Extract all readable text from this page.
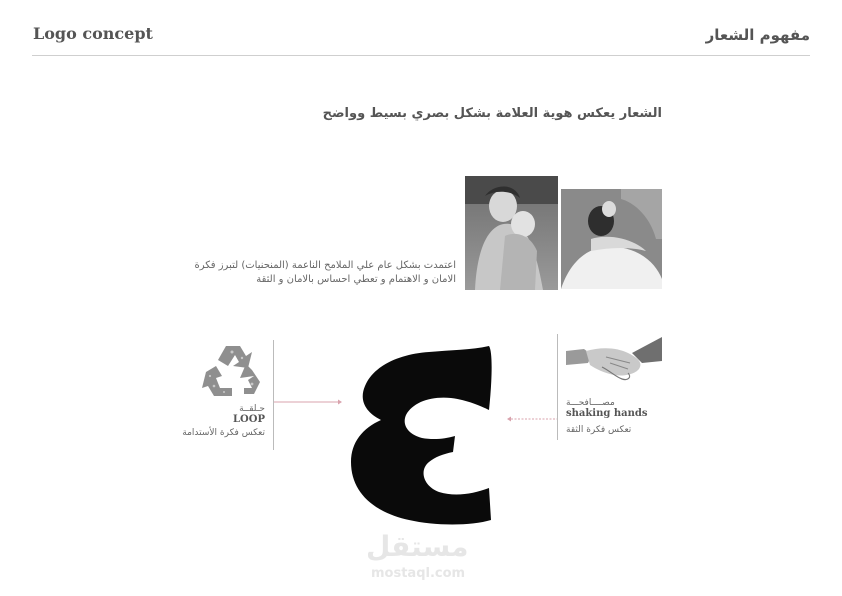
Logo concept	مفهوم الشعار
الشعار يعكس هوية العلامة بشكل بصري بسيط وواضح
اعتمدت بشكل عام علي الملامح الناعمة (المنحنيات) لتبرز فكرة
الامان و الاهتمام و تعطي احساس بالامان و الثقة
حـلقــة
LOOP
تعكس فكرة الأستدامة
مصــــافحـــة
shaking hands
تعكس فكرة الثقة
مستقل
mostaql.com
